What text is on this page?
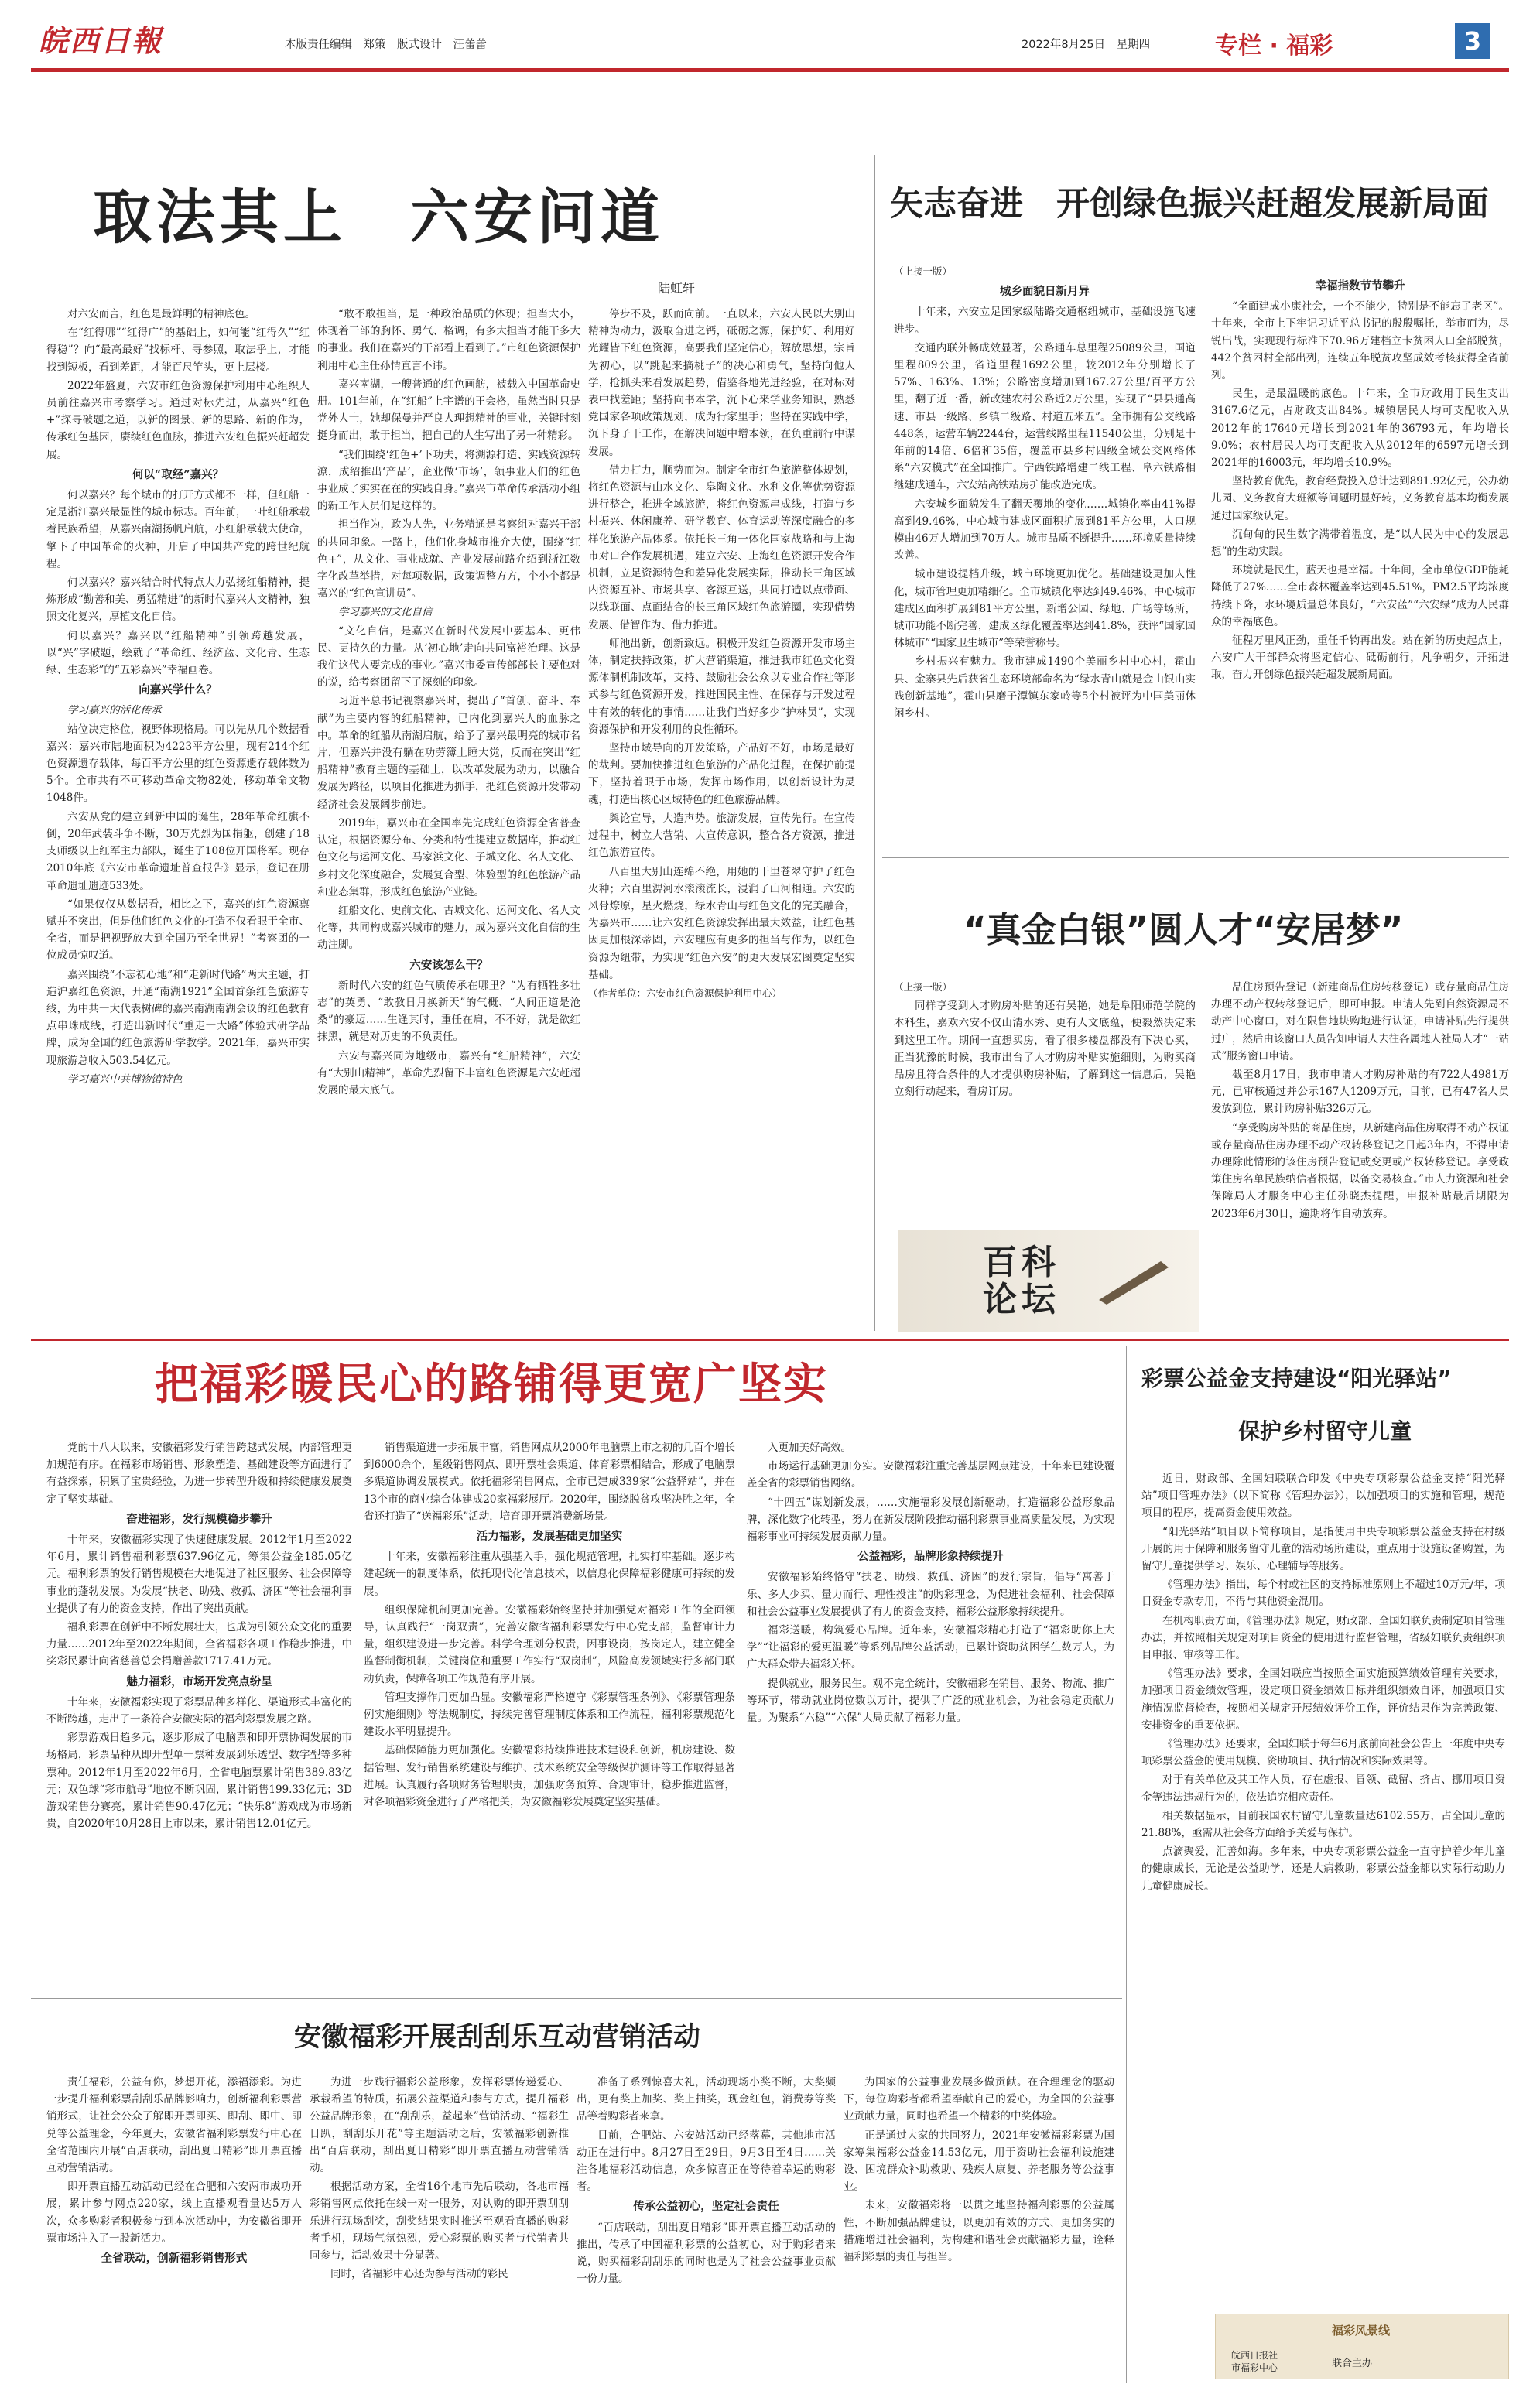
皖西日報	本版责任编辑　郑策　版式设计　汪蕾蕾	2022年8月25日　星期四	专栏 · 福彩	3
取法其上　六安问道
陆虹轩

对六安而言，红色是最鲜明的精神底色。

在“红得哪”“红得广”的基础上，如何能“红得久”“红得稳”？向“最高最好”找标杆、寻参照，取法乎上，才能找到短板，看到差距，才能百尺竿头，更上层楼。

2022年盛夏，六安市红色资源保护利用中心组织人员前往嘉兴市考察学习。通过对标先进，从嘉兴“红色+”探寻破题之道，以新的图景、新的思路、新的作为，传承红色基因，赓续红色血脉，推进六安红色振兴赶超发展。

何以“取经”嘉兴？

何以嘉兴？每个城市的打开方式都不一样，但红船一定是浙江嘉兴最显性的城市标志。百年前，一叶红船承载着民族希望，从嘉兴南湖扬帆启航，小红船承载大使命，擎下了中国革命的火种，开启了中国共产党的跨世纪航程。

何以嘉兴？嘉兴结合时代特点大力弘扬红船精神，提炼形成“勤善和美、勇猛精进”的新时代嘉兴人文精神，独照文化复兴，厚植文化自信。

何以嘉兴？嘉兴以“红船精神”引领跨越发展，以“兴”字破题，绘就了“革命红、经济蓝、文化青、生态绿、生态彩”的“五彩嘉兴”幸福画卷。

向嘉兴学什么？

学习嘉兴的活化传承

站位决定格位，视野体现格局。可以先从几个数据看嘉兴：嘉兴市陆地面积为4223平方公里，现有214个红色资源遗存载体，每百平方公里的红色资源遗存载体数为5个。全市共有不可移动革命文物82处，移动革命文物1048件。

六安从党的建立到新中国的诞生，28年革命红旗不倒，20年武装斗争不断，30万先烈为国捐躯，创建了18支师级以上红军主力部队，诞生了108位开国将军。现存2010年底《六安市革命遗址普查报告》显示，登记在册革命遗址遗迹533处。

“如果仅仅从数据看，相比之下，嘉兴的红色资源禀赋并不突出，但是他们红色文化的打造不仅看眼于全市、全省，而是把视野放大到全国乃至全世界！”考察团的一位成员惊叹道。

嘉兴围绕“不忘初心地”和“走新时代路”两大主题，打造沪嘉红色资源，开通“南湖1921”全国首条红色旅游专线，为中共一大代表树碑的嘉兴南湖南湖会议的红色教育点串珠成线，打造出新时代“重走一大路”体验式研学品牌，成为全国的红色旅游研学教学。2021年，嘉兴市实现旅游总收入503.54亿元。

学习嘉兴中共博物馆特色

“敢不敢担当，是一种政治品质的体现；担当大小，体现着干部的胸怀、勇气、格调，有多大担当才能干多大的事业。我们在嘉兴的干部看上看到了。”市红色资源保护利用中心主任孙情直言不讳。

嘉兴南湖，一艘普通的红色画舫，被载入中国革命史册。101年前，在“红船”上宇谱的王会格，虽然当时只是党外人士，她却保曼并严良人理想精神的事业，关键时刻挺身而出，敢于担当，把自己的人生写出了另一种精彩。

“我们围绕‘红色+’下功夫，将溯源打造、实践资源转潦，成绍推出‘产品’，企业做‘市场’，领事业人们的红色事业成了实实在在的实践自身。”嘉兴市革命传承活动小组的新工作人员们是这样的。

担当作为，政为人先，业务精通是考察组对嘉兴干部的共同印象。一路上，他们化身城市推介大使，围绕“红色+”，从文化、事业成就、产业发展前路介绍到浙江数字化改革举措，对每项数据，政策调整方方，个小个都是嘉兴的“红色宣讲员”。

学习嘉兴的文化自信

“文化自信，是嘉兴在新时代发展中要基本、更伟民、更持久的力量。从‘初心地’走向共同富裕治理。这是我们这代人要完成的事业。”嘉兴市委宣传部部长主要他对的说，给考察团留下了深刻的印象。

习近平总书记视察嘉兴时，提出了“首创、奋斗、奉献”为主要内容的红船精神，已内化到嘉兴人的血脉之中。革命的红船从南湖启航，给予了嘉兴最明亮的城市名片，但嘉兴并没有躺在功劳簿上睡大觉，反而在突出“红船精神”教育主题的基础上，以改革发展为动力，以融合发展为路径，以项目化推进为抓手，把红色资源开发带动经济社会发展阔步前进。

2019年，嘉兴市在全国率先完成红色资源全省普查认定，根据资源分布、分类和特性提建立数据库，推动红色文化与运河文化、马家浜文化、子城文化、名人文化、乡村文化深度融合，发展复合型、体验型的红色旅游产品和业态集群，形成红色旅游产业链。

红船文化、史前文化、古城文化、运河文化、名人文化等，共同构成嘉兴城市的魅力，成为嘉兴文化自信的生动注脚。

六安该怎么干？

新时代六安的红色气质传承在哪里？“为有牺牲多壮志”的英勇、“敢教日月换新天”的气概、“人间正道是沧桑”的豪迈……生逢其时，重任在肩，不不好，就是欲红抹黑，就是对历史的不负责任。

六安与嘉兴同为地级市，嘉兴有“红船精神”，六安有“大别山精神”，革命先烈留下丰富红色资源是六安赶超发展的最大底气。

停步不及，跃而向前。一直以来，六安人民以大别山精神为动力，汲取奋进之钙，砥砺之源，保护好、利用好光耀皆下红色资源，高要我们坚定信心，解放思想，宗旨为初心，以“跳起来摘桃子”的决心和勇气，坚持向他人学，抢抓头来看发展趋势，借鉴各地先进经验，在对标对表中找差距；坚持向书本学，沉下心来学业务知识，熟悉党国家各项政策规划，成为行家里手；坚持在实践中学，沉下身子干工作，在解决问题中增本领，在负重前行中谋发展。

借力打力，顺势而为。制定全市红色旅游整体规划，将红色资源与山水文化、皋陶文化、水利文化等优势资源进行整合，推进全域旅游，将红色资源串成线，打造与乡村振兴、休闲康养、研学教育、体育运动等深度融合的多样化旅游产品体系。依托长三角一体化国家战略和与上海市对口合作发展机遇，建立六安、上海红色资源开发合作机制，立足资源特色和差异化发展实际，推动长三角区域内资源互补、市场共享、客源互送，共同打造以点带面、以线联面、点面结合的长三角区域红色旅游圈，实现借势发展、借智作为、借力推进。

师池出新，创新致远。积极开发红色资源开发市场主体，制定扶持政策，扩大营销渠道，推进我市红色文化资源体制机制改革，支持、鼓励社会公众以专业合作社等形式参与红色资源开发，推进国民主性、在保存与开发过程中有效的转化的事情……让我们当好多少“护林员”，实现资源保护和开发利用的良性循环。

坚持市域导向的开发策略，产品好不好，市场是最好的裁判。要加快推进红色旅游的产品化进程，在保护前提下，坚持着眼于市场，发挥市场作用，以创新设计为灵魂，打造出核心区域特色的红色旅游品牌。

舆论宣导，大造声势。旅游发展，宣传先行。在宣传过程中，树立大营销、大宣传意识，整合各方资源，推进红色旅游宣传。

八百里大别山连绵不绝，用她的干里苍翠守护了红色火种；六百里淠河水滚滚流长，浸润了山河相通。六安的风骨燎原，星火燃烧，绿水青山与红色文化的完美融合，为嘉兴市……让六安红色资源发挥出最大效益，让红色基因更加根深蒂固，六安理应有更多的担当与作为，以红色资源为纽带，为实现“红色六安”的更大发展宏图奠定坚实基础。

（作者单位：六安市红色资源保护利用中心）

矢志奋进　开创绿色振兴赶超发展新局面

（上接一版）

城乡面貌日新月异

十年来，六安立足国家级陆路交通枢纽城市，基础设施飞速进步。

交通内联外畅成效显著，公路通车总里程25089公里，国道里程809公里，省道里程1692公里，较2012年分别增长了57%、163%、13%；公路密度增加到167.27公里/百平方公里，翻了近一番，新改建农村公路近2万公里，实现了“县县通高速、市县一级路、乡镇二级路、村道五米五”。全市拥有公交线路448条，运营车辆2244台，运营线路里程11540公里，分别是十年前的14倍、6倍和35倍，覆盖市县乡村四级全域公交网络体系“六安模式”在全国推广。宁西铁路增建二线工程、阜六铁路相继建成通车，六安站高铁站房扩能改造完成。

六安城乡面貌发生了翻天覆地的变化……城镇化率由41%提高到49.46%，中心城市建成区面积扩展到81平方公里，人口规模由46万人增加到70万人。城市品质不断提升……环境质量持续改善。

城市建设提档升级，城市环境更加优化。基础建设更加人性化，城市管理更加精细化。全市城镇化率达到49.46%，中心城市建成区面积扩展到81平方公里，新增公园、绿地、广场等场所，城市功能不断完善，建成区绿化覆盖率达到41.8%，获评“国家园林城市”“国家卫生城市”等荣誉称号。

乡村振兴有魅力。我市建成1490个美丽乡村中心村，霍山县、金寨县先后获省生态环境部命名为“绿水青山就是金山银山实践创新基地”，霍山县磨子潭镇东家岭等5个村被评为中国美丽休闲乡村。

幸福指数节节攀升

“全面建成小康社会，一个不能少，特别是不能忘了老区”。十年来，全市上下牢记习近平总书记的殷殷嘱托，举市而为，尽锐出战，实现现行标准下70.96万建档立卡贫困人口全部脱贫，442个贫困村全部出列，连续五年脱贫攻坚成效考核获得全省前列。

民生，是最温暖的底色。十年来，全市财政用于民生支出3167.6亿元，占财政支出84%。城镇居民人均可支配收入从2012年的17640元增长到2021年的36793元，年均增长9.0%；农村居民人均可支配收入从2012年的6597元增长到2021年的16003元，年均增长10.9%。

坚持教育优先，教育经费投入总计达到891.92亿元，公办幼儿园、义务教育大班额等问题明显好转，义务教育基本均衡发展通过国家级认定。

沉甸甸的民生数字满带着温度，是“以人民为中心的发展思想”的生动实践。

环境就是民生，蓝天也是幸福。十年间，全市单位GDP能耗降低了27%……全市森林覆盖率达到45.51%，PM2.5平均浓度持续下降，水环境质量总体良好，“六安蓝”“六安绿”成为人民群众的幸福底色。

征程万里风正劲，重任千钧再出发。站在新的历史起点上，六安广大干部群众将坚定信心、砥砺前行，凡争朝夕，开拓进取，奋力开创绿色振兴赶超发展新局面。

“真金白银”圆人才“安居梦”

（上接一版）

同样享受到人才购房补贴的还有吴艳，她是阜阳师范学院的本科生，嘉欢六安不仅山清水秀、更有人文底蕴，便毅然决定来到这里工作。期间一直想买房，看了很多楼盘都没有下决心买，正当犹豫的时候，我市出台了人才购房补贴实施细则，为购买商品房且符合条件的人才提供购房补贴，了解到这一信息后，吴艳立刻行动起来，看房订房。

百科论坛

品住房预告登记（新建商品住房转移登记）或存量商品住房办理不动产权转移登记后，即可申报。申请人先到自然资源局不动产中心窗口，对在限售地块购地进行认证，申请补贴先行提供过户，然后由该窗口人员告知申请人去往各属地人社局人才“一站式”服务窗口申请。

截至8月17日，我市申请人才购房补贴的有722人4981万元，已审核通过并公示167人1209万元，目前，已有47名人员发放到位，累计购房补贴326万元。

“享受购房补贴的商品住房，从新建商品住房取得不动产权证或存量商品住房办理不动产权转移登记之日起3年内，不得申请办理除此情形的该住房预告登记或变更或产权转移登记。享受政策住房名单民族纳信者根据，以备交易核查。”市人力资源和社会保障局人才服务中心主任孙晓杰提醒，申报补贴最后期限为2023年6月30日，逾期将作自动放弃。

把福彩暖民心的路铺得更宽广坚实

党的十八大以来，安徽福彩发行销售跨越式发展，内部管理更加规范有序。在福彩市场销售、形象塑造、基础建设等方面进行了有益探索，积累了宝贵经验，为进一步转型升级和持续健康发展奠定了坚实基础。

奋进福彩，发行规模稳步攀升

十年来，安徽福彩实现了快速健康发展。2012年1月至2022年6月，累计销售福利彩票637.96亿元，筹集公益金185.05亿元。福利彩票的发行销售规模在大地促进了社区服务、社会保障等事业的蓬勃发展。为发展“扶老、助残、救孤、济困”等社会福利事业提供了有力的资金支持，作出了突出贡献。

福利彩票在创新中不断发展壮大，也成为引领公众文化的重要力量……2012年至2022年期间，全省福彩各项工作稳步推进，中奖彩民累计向省慈善总会捐赠善款1717.41万元。

魅力福彩，市场开发亮点纷呈

十年来，安徽福彩实现了彩票品种多样化、渠道形式丰富化的不断跨越，走出了一条符合安徽实际的福利彩票发展之路。

彩票游戏日趋多元，逐步形成了电脑票和即开票协调发展的市场格局，彩票品种从即开型单一票种发展到乐透型、数字型等多种票种。2012年1月至2022年6月，全省电脑票累计销售389.83亿元；双色球“彩市航母”地位不断巩固，累计销售199.33亿元；3D游戏销售分赛亮，累计销售90.47亿元；“快乐8”游戏成为市场新贵，自2020年10月28日上市以来，累计销售12.01亿元。

销售渠道进一步拓展丰富，销售网点从2000年电脑票上市之初的几百个增长到6000余个，星级销售网点、即开票社会渠道、体育彩票相结合，形成了电脑票多渠道协调发展模式。依托福彩销售网点，全市已建成339家“公益驿站”，并在13个市的商业综合体建成20家福彩展厅。2020年，围绕脱贫攻坚决胜之年，全省还打造了“送福彩乐”活动，培育即开票消费新场景。

活力福彩，发展基础更加坚实

十年来，安徽福彩注重从强基入手，强化规范管理，扎实打牢基础。逐步构建起统一的制度体系，依托现代化信息技术，以信息化保障福彩健康可持续的发展。

组织保障机制更加完善。安徽福彩始终坚持并加强党对福彩工作的全面领导，认真践行“一岗双责”，完善安徽省福利彩票发行中心党支部，监督审计力量，组织建设进一步完善。科学合理划分权责，因事设岗，按岗定人，建立健全监督制衡机制，关键岗位和重要工作实行“双岗制”，风险高发领域实行多部门联动负责，保障各项工作规范有序开展。

管理支撑作用更加凸显。安徽福彩严格遵守《彩票管理条例》、《彩票管理条例实施细则》等法规制度，持续完善管理制度体系和工作流程，福利彩票规范化建设水平明显提升。

基础保障能力更加强化。安徽福彩持续推进技术建设和创新，机房建设、数据管理、发行销售系统建设与维护、技术系统安全等级保护测评等工作取得显著进展。认真履行各项财务管理职责，加强财务预算、合规审计，稳步推进监督，对各项福彩资金进行了严格把关，为安徽福彩发展奠定坚实基础。

入更加美好高效。

市场运行基础更加夯实。安徽福彩注重完善基层网点建设，十年来已建设覆盖全省的彩票销售网络。

“十四五”谋划新发展，……实施福彩发展创新驱动，打造福彩公益形象品牌，深化数字化转型，努力在新发展阶段推动福利彩票事业高质量发展，为实现福彩事业可持续发展贡献力量。

公益福彩，品牌形象持续提升

安徽福彩始终恪守“扶老、助残、救孤、济困”的发行宗旨，倡导“寓善于乐、多人少买、量力而行、理性投注”的购彩理念，为促进社会福利、社会保障和社会公益事业发展提供了有力的资金支持，福彩公益形象持续提升。

福彩送暖，构筑爱心品牌。近年来，安徽福彩精心打造了“福彩助你上大学”“让福彩的爱更温暖”等系列品牌公益活动，已累计资助贫困学生数万人，为广大群众带去福彩关怀。

提供就业，服务民生。观不完全统计，安徽福彩在销售、服务、物流、推广等环节，带动就业岗位数以万计，提供了广泛的就业机会，为社会稳定贡献力量。为聚系“六稳”“六保”大局贡献了福彩力量。

彩票公益金支持建设“阳光驿站”
保护乡村留守儿童

近日，财政部、全国妇联联合印发《中央专项彩票公益金支持“阳光驿站”项目管理办法》（以下简称《管理办法》），以加强项目的实施和管理，规范项目的程序，提高资金使用效益。

“阳光驿站”项目以下简称项目，是指使用中央专项彩票公益金支持在村级开展的用于保障和服务留守儿童的活动场所建设，重点用于设施设备购置，为留守儿童提供学习、娱乐、心理辅导等服务。

《管理办法》指出，每个村或社区的支持标准原则上不超过10万元/年，项目资金专款专用，不得与其他资金混用。

在机构职责方面，《管理办法》规定，财政部、全国妇联负责制定项目管理办法，并按照相关规定对项目资金的使用进行监督管理，省级妇联负责组织项目申报、审核等工作。

《管理办法》要求，全国妇联应当按照全面实施预算绩效管理有关要求，加强项目资金绩效管理，设定项目资金绩效目标并组织绩效自评，加强项目实施情况监督检查，按照相关规定开展绩效评价工作，评价结果作为完善政策、安排资金的重要依据。

《管理办法》还要求，全国妇联于每年6月底前向社会公告上一年度中央专项彩票公益金的使用规模、资助项目、执行情况和实际效果等。

对于有关单位及其工作人员，存在虚报、冒领、截留、挤占、挪用项目资金等违法违规行为的，依法追究相应责任。

相关数据显示，目前我国农村留守儿童数量达6102.55万，占全国儿童的21.88%，亟需从社会各方面给予关爱与保护。

点滴聚爱，汇善如海。多年来，中央专项彩票公益金一直守护着少年儿童的健康成长，无论是公益助学，还是大病救助，彩票公益金都以实际行动助力儿童健康成长。

福彩风景线
皖西日报社
市福彩中心	联合主办
安徽福彩开展刮刮乐互动营销活动

责任福彩，公益有你，梦想开花，添福添彩。为进一步提升福利彩票刮刮乐品牌影响力，创新福利彩票营销形式，让社会公众了解即开票即买、即刮、即中、即兑等公益理念，今年夏天，安徽省福利彩票发行中心在全省范围内开展“百店联动，刮出夏日精彩”即开票直播互动营销活动。

即开票直播互动活动已经在合肥和六安两市成功开展，累计参与网点220家，线上直播观看量达5万人次，众多购彩者积极参与到本次活动中，为安徽省即开票市场注入了一股新活力。

全省联动，创新福彩销售形式

为进一步践行福彩公益形象，发挥彩票传递爱心、承载希望的特质，拓展公益渠道和参与方式，提升福彩公益品牌形象，在“刮刮乐，益起来”营销活动、“福彩生日趴，刮刮乐开花”等主题活动之后，安徽福彩创新推出“百店联动，刮出夏日精彩”即开票直播互动营销活动。

根据活动方案，全省16个地市先后联动，各地市福彩销售网点依托在线一对一服务，对认购的即开票刮刮乐进行现场刮奖，刮奖结果实时推送至观看直播的购彩者手机，现场气氛热烈，爱心彩票的购买者与代销者共同参与，活动效果十分显著。

同时，省福彩中心还为参与活动的彩民

准备了系列惊喜大礼，活动现场小奖不断，大奖频出，更有奖上加奖、奖上抽奖，现金红包，消费券等奖品等着购彩者来拿。

目前，合肥站、六安站活动已经落幕，其他地市活动正在进行中。8月27日至29日，9月3日至4日……关注各地福彩活动信息，众多惊喜正在等待着幸运的购彩者。

传承公益初心，坚定社会责任

“百店联动，刮出夏日精彩”即开票直播互动活动的推出，传承了中国福利彩票的公益初心，对于购彩者来说，购买福彩刮刮乐的同时也是为了社会公益事业贡献一份力量。

为国家的公益事业发展多做贡献。在合理理念的驱动下，每位购彩者都希望奉献自己的爱心，为全国的公益事业贡献力量，同时也希望一个精彩的中奖体验。

正是通过大家的共同努力，2021年安徽福彩彩票为国家筹集福彩公益金14.53亿元，用于资助社会福利设施建设、困境群众补助救助、残疾人康复、养老服务等公益事业。

未来，安徽福彩将一以贯之地坚持福利彩票的公益属性，不断加强品牌建设，以更加有效的方式、更加务实的措施增进社会福利，为构建和谐社会贡献福彩力量，诠释福利彩票的责任与担当。
